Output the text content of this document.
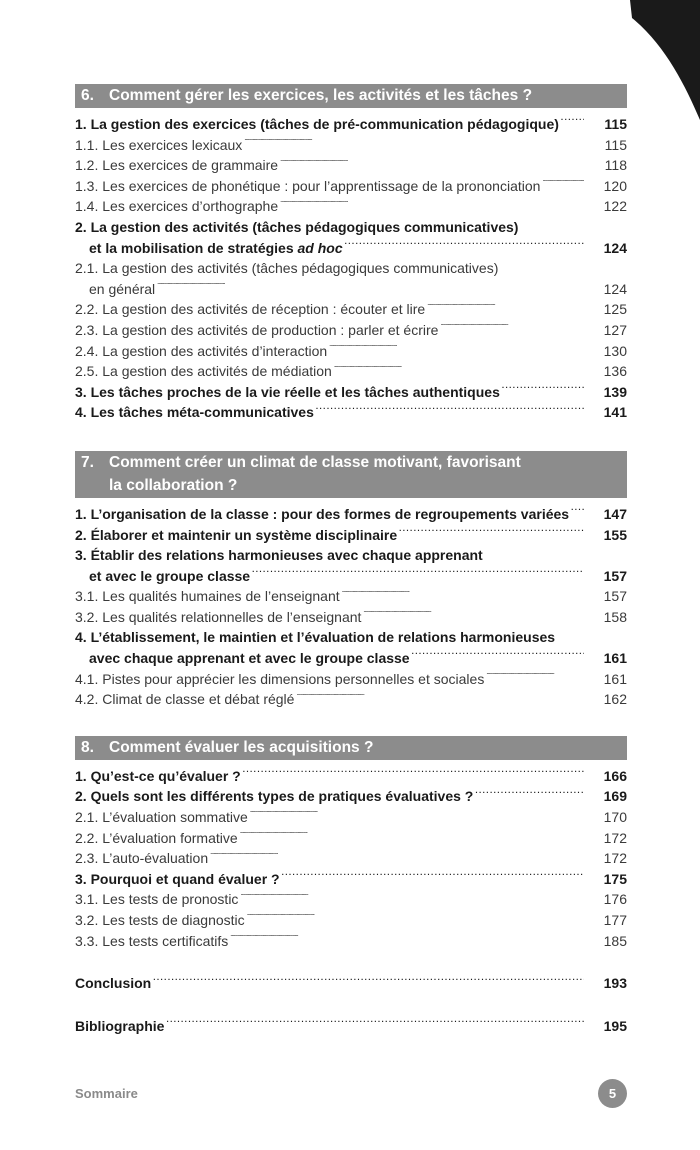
6. Comment gérer les exercices, les activités et les tâches ?
1. La gestion des exercices (tâches de pré-communication pédagogique) . . .	115
1.1. Les exercices lexicaux . . .	115
1.2. Les exercices de grammaire . . .	118
1.3. Les exercices de phonétique : pour l’apprentissage de la prononciation . . .	120
1.4. Les exercices d’orthographe . . .	122
2. La gestion des activités (tâches pédagogiques communicatives)
et la mobilisation de stratégies ad hoc . . .	124
2.1. La gestion des activités (tâches pédagogiques communicatives)
en général . . .	124
2.2. La gestion des activités de réception : écouter et lire . . .	125
2.3. La gestion des activités de production : parler et écrire . . .	127
2.4. La gestion des activités d’interaction . . .	130
2.5. La gestion des activités de médiation . . .	136
3. Les tâches proches de la vie réelle et les tâches authentiques . . .	139
4. Les tâches méta-communicatives . . .	141
7. Comment créer un climat de classe motivant, favorisant
la collaboration ?
1. L’organisation de la classe : pour des formes de regroupements variées . . .	147
2. Élaborer et maintenir un système disciplinaire . . .	155
3. Établir des relations harmonieuses avec chaque apprenant
et avec le groupe classe . . .	157
3.1. Les qualités humaines de l’enseignant . . .	157
3.2. Les qualités relationnelles de l’enseignant . . .	158
4. L’établissement, le maintien et l’évaluation de relations harmonieuses
avec chaque apprenant et avec le groupe classe . . .	161
4.1. Pistes pour apprécier les dimensions personnelles et sociales . . .	161
4.2. Climat de classe et débat réglé . . .	162
8. Comment évaluer les acquisitions ?
1. Qu’est-ce qu’évaluer ? . . .	166
2. Quels sont les différents types de pratiques évaluatives ? . . .	169
2.1. L’évaluation sommative . . .	170
2.2. L’évaluation formative . . .	172
2.3. L’auto-évaluation . . .	172
3. Pourquoi et quand évaluer ? . . .	175
3.1. Les tests de pronostic . . .	176
3.2. Les tests de diagnostic . . .	177
3.3. Les tests certificatifs . . .	185
Conclusion . . .	193
Bibliographie . . .	195
Sommaire	5
